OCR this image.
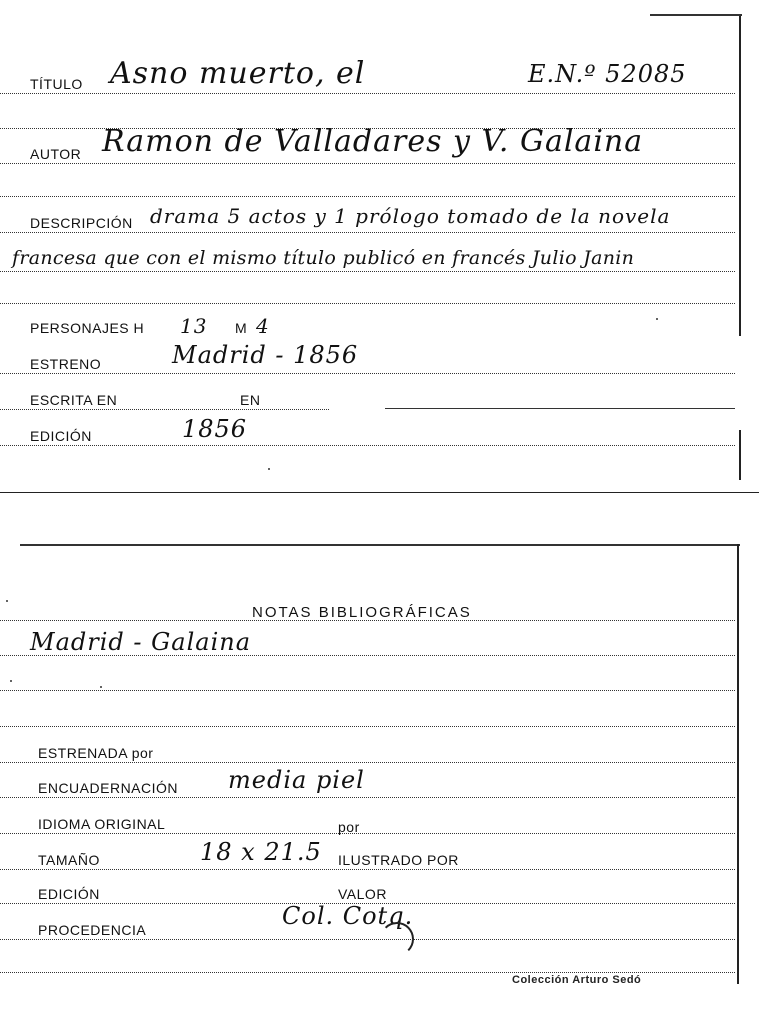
TÍTULO Asno muerto, el	E.N.º 52085
AUTOR Ramon de Valladares y V. Galaina
DESCRIPCIÓN drama 5 actos y 1 prólogo tomado de la novela
francesa que con el mismo título publicó en francés Julio Janin
PERSONAJES H 13 M 4
ESTRENO	Madrid - 1856
ESCRITA EN	EN
EDICIÓN	1856
NOTAS BIBLIOGRÁFICAS
Madrid - Galaina
ESTRENADA por
ENCUADERNACIÓN media piel
IDIOMA ORIGINAL	por
TAMAÑO	18 x 21.5 ILUSTRADO POR
EDICIÓN	VALOR
PROCEDENCIA	Col. Cotq.
Colección Arturo Sedó
